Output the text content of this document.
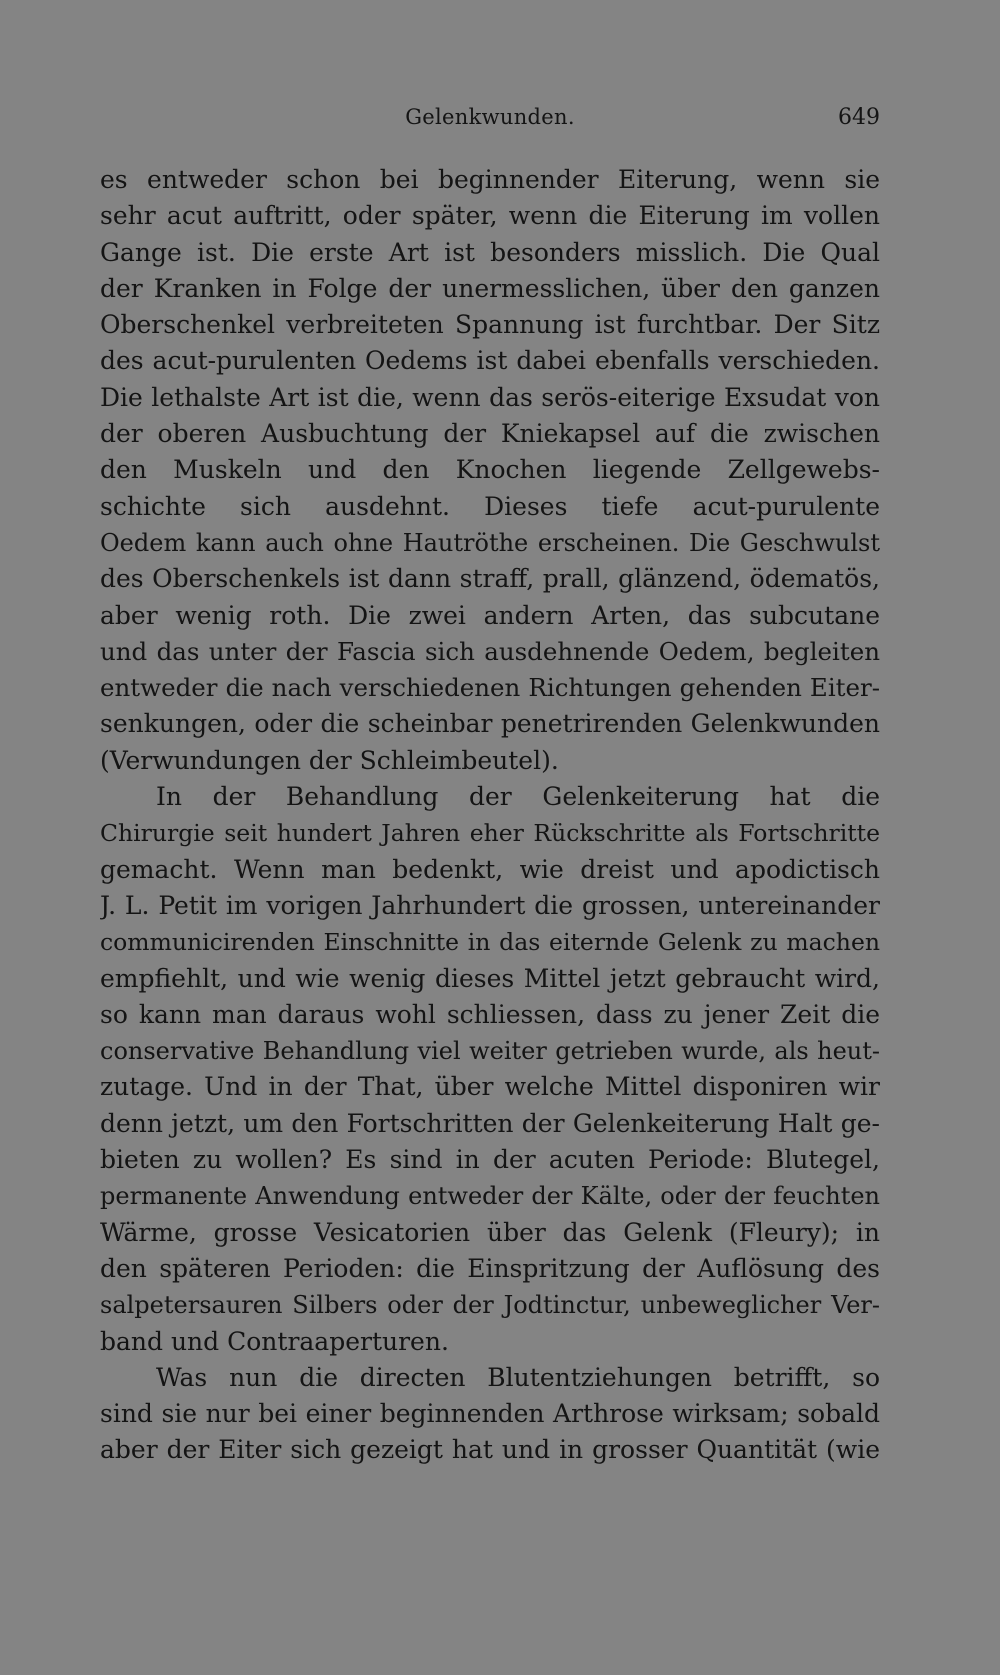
Gelenkwunden.	649
es entweder schon bei beginnender Eiterung, wenn sie
sehr acut auftritt, oder später, wenn die Eiterung im vollen
Gange ist. Die erste Art ist besonders misslich. Die Qual
der Kranken in Folge der unermesslichen, über den ganzen
Oberschenkel verbreiteten Spannung ist furchtbar. Der Sitz
des acut-purulenten Oedems ist dabei ebenfalls verschieden.
Die lethalste Art ist die, wenn das serös-eiterige Exsudat von
der oberen Ausbuchtung der Kniekapsel auf die zwischen
den Muskeln und den Knochen liegende Zellgewebs-
schichte sich ausdehnt. Dieses tiefe acut-purulente
Oedem kann auch ohne Hautröthe erscheinen. Die Geschwulst
des Oberschenkels ist dann straff, prall, glänzend, ödematös,
aber wenig roth. Die zwei andern Arten, das subcutane
und das unter der Fascia sich ausdehnende Oedem, begleiten
entweder die nach verschiedenen Richtungen gehenden Eiter-
senkungen, oder die scheinbar penetrirenden Gelenkwunden
(Verwundungen der Schleimbeutel).
In der Behandlung der Gelenkeiterung hat die
Chirurgie seit hundert Jahren eher Rückschritte als Fortschritte
gemacht. Wenn man bedenkt, wie dreist und apodictisch
J. L. Petit im vorigen Jahrhundert die grossen, untereinander
communicirenden Einschnitte in das eiternde Gelenk zu machen
empfiehlt, und wie wenig dieses Mittel jetzt gebraucht wird,
so kann man daraus wohl schliessen, dass zu jener Zeit die
conservative Behandlung viel weiter getrieben wurde, als heut-
zutage. Und in der That, über welche Mittel disponiren wir
denn jetzt, um den Fortschritten der Gelenkeiterung Halt ge-
bieten zu wollen? Es sind in der acuten Periode: Blutegel,
permanente Anwendung entweder der Kälte, oder der feuchten
Wärme, grosse Vesicatorien über das Gelenk (Fleury); in
den späteren Perioden: die Einspritzung der Auflösung des
salpetersauren Silbers oder der Jodtinctur, unbeweglicher Ver-
band und Contraaperturen.
Was nun die directen Blutentziehungen betrifft, so
sind sie nur bei einer beginnenden Arthrose wirksam; sobald
aber der Eiter sich gezeigt hat und in grosser Quantität (wie
